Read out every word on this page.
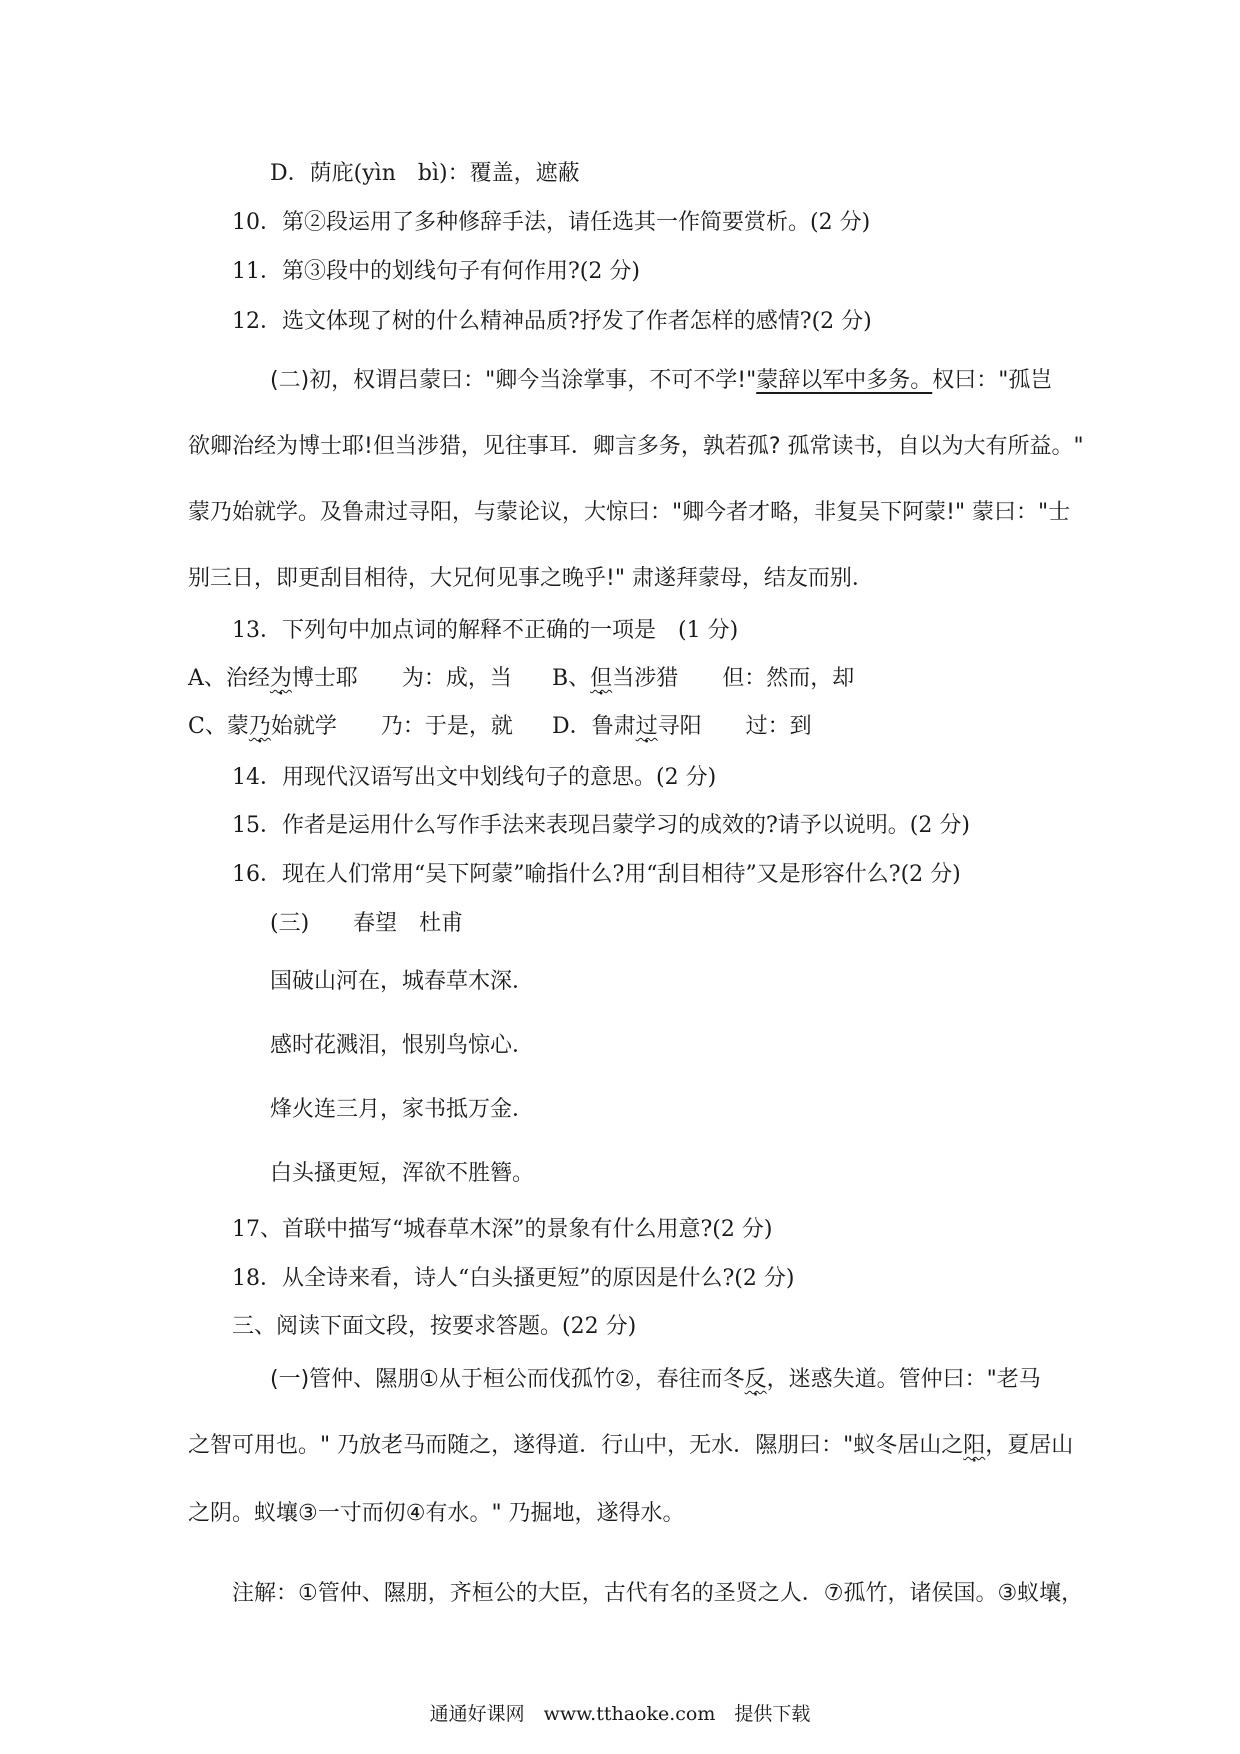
D．荫庇(yìn　bì)：覆盖，遮蔽
10．第②段运用了多种修辞手法，请任选其一作简要赏析。(2 分)
11．第③段中的划线句子有何作用?(2 分)
12．选文体现了树的什么精神品质?抒发了作者怎样的感情?(2 分)
(二)初，权谓吕蒙曰："卿今当涂掌事，不可不学!"蒙辞以军中多务。权曰："孤岂
欲卿治经为博士耶!但当涉猎，见往事耳．卿言多务，孰若孤? 孤常读书，自以为大有所益。"
蒙乃始就学。及鲁肃过寻阳，与蒙论议，大惊曰："卿今者才略，非复吴下阿蒙!" 蒙曰："士
别三日，即更刮目相待，大兄何见事之晚乎!" 肃遂拜蒙母，结友而别．
13．下列句中加点词的解释不正确的一项是　(1 分)
A、治经为博士耶　　为：成，当 B、但当涉猎　　但：然而，却
C、蒙乃始就学　　乃：于是，就 D．鲁肃过寻阳　　过：到
14．用现代汉语写出文中划线句子的意思。(2 分)
15．作者是运用什么写作手法来表现吕蒙学习的成效的?请予以说明。(2 分)
16．现在人们常用“吴下阿蒙”喻指什么?用“刮目相待”又是形容什么?(2 分)
(三)　　春望　杜甫
国破山河在，城春草木深．
感时花溅泪，恨别鸟惊心．
烽火连三月，家书抵万金．
白头搔更短，浑欲不胜簪。
17、首联中描写“城春草木深”的景象有什么用意?(2 分)
18．从全诗来看，诗人“白头搔更短”的原因是什么?(2 分)
三、阅读下面文段，按要求答题。(22 分)
(一)管仲、隰朋①从于桓公而伐孤竹②，春往而冬反，迷惑失道。管仲曰："老马
之智可用也。" 乃放老马而随之，遂得道．行山中，无水．隰朋曰："蚁冬居山之阳，夏居山
之阴。蚁壤③一寸而仞④有水。" 乃掘地，遂得水。
注解：①管仲、隰朋，齐桓公的大臣，古代有名的圣贤之人．⑦孤竹，诸侯国。③蚁壤，
通通好课网　www.tthaoke.com　提供下载
